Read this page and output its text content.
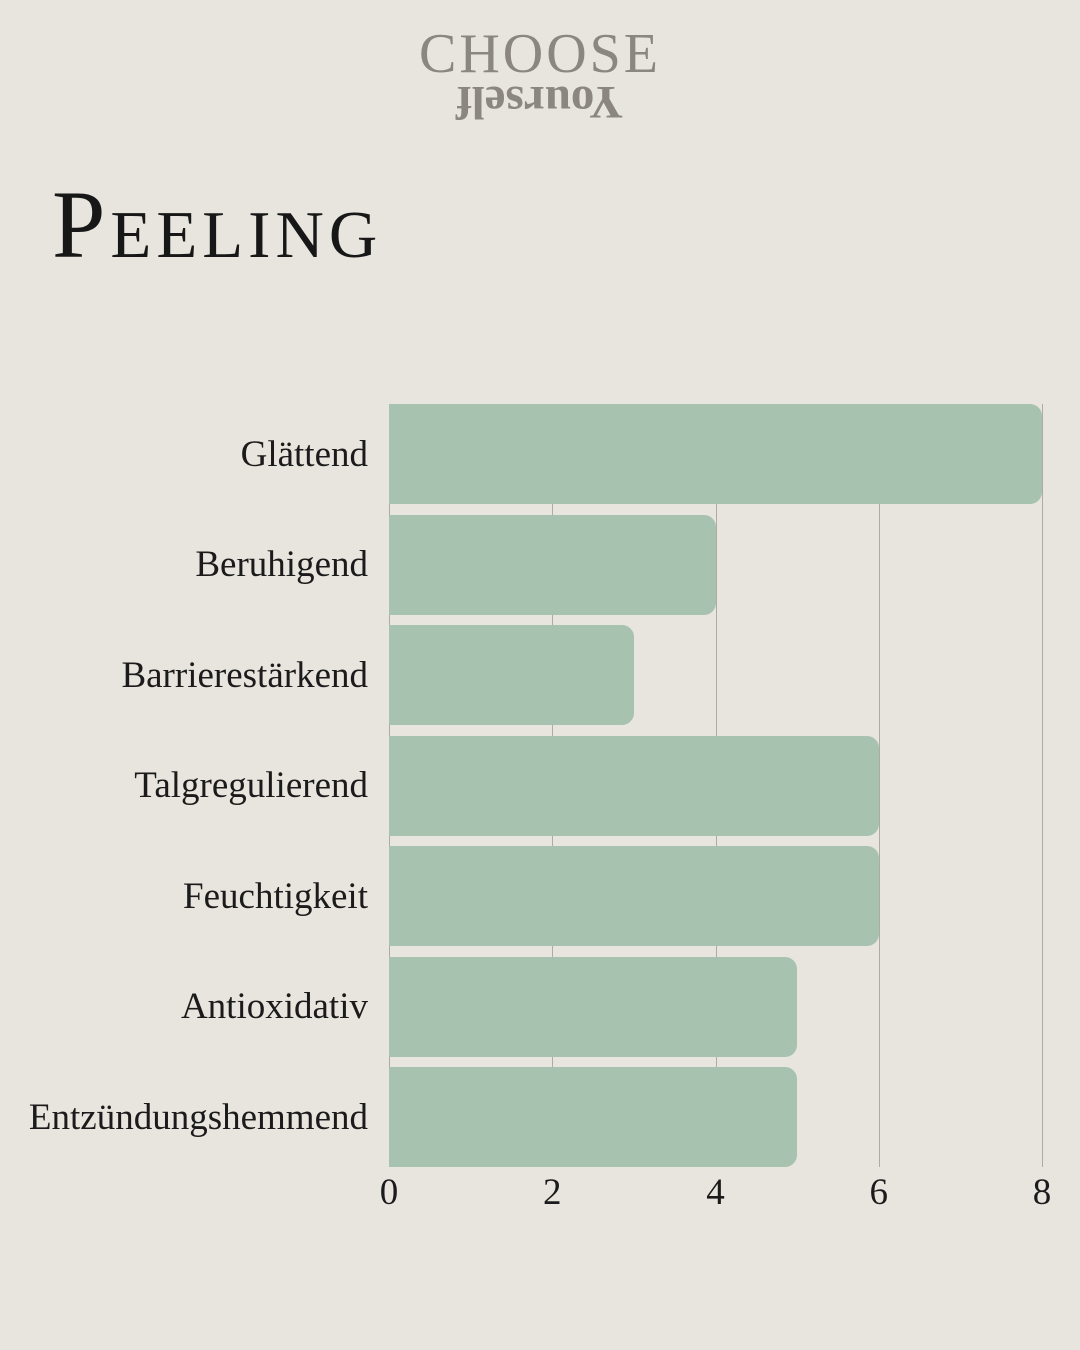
CHOOSE
Yourself
Peeling
Glättend
Beruhigend
Barrierestärkend
Talgregulierend
Feuchtigkeit
Antioxidativ
Entzündungshemmend
0	2	4	6	8
